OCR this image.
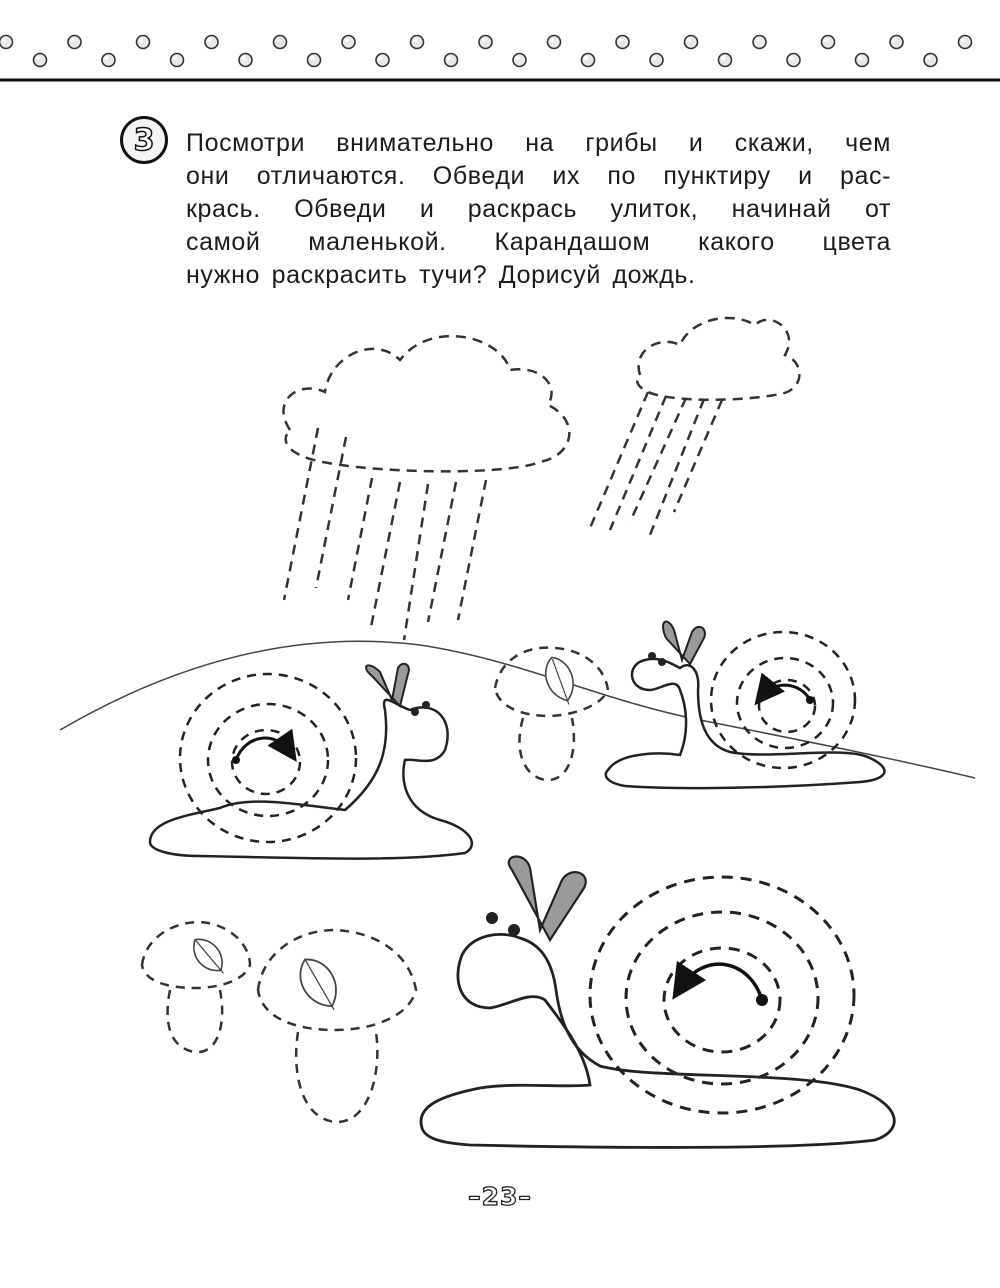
3 Посмотри внимательно на грибы и скажи, чем
они отличаются. Обведи их по пунктиру и рас-
крась. Обведи и раскрась улиток, начинай от
самой маленькой. Карандашом какого цвета
нужно раскрасить тучи? Дорисуй дождь.
–23–
